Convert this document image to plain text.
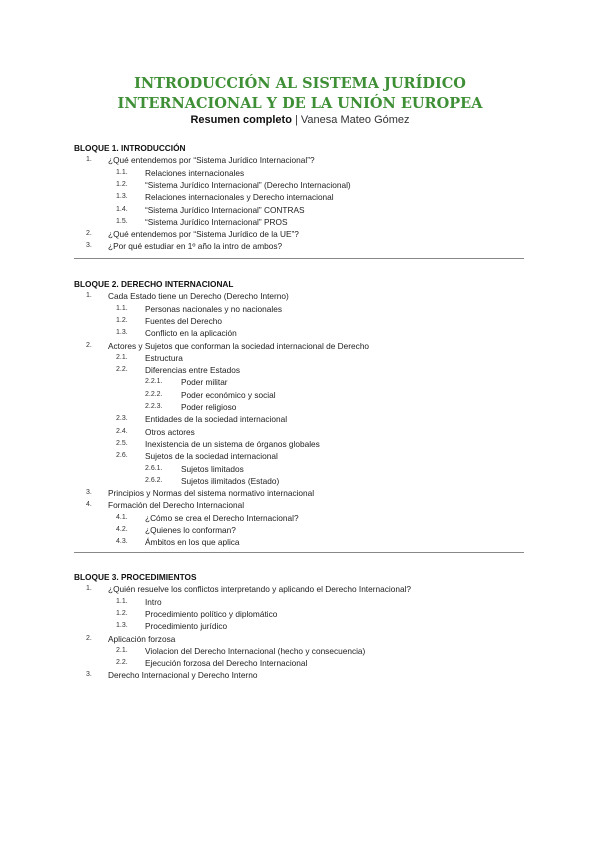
INTRODUCCIÓN AL SISTEMA JURÍDICO
INTERNACIONAL Y DE LA UNIÓN EUROPEA
Resumen completo | Vanesa Mateo Gómez
BLOQUE 1. INTRODUCCIÓN
1. ¿Qué entendemos por “Sistema Jurídico Internacional”?
1.1. Relaciones internacionales
1.2. “Sistema Jurídico Internacional” (Derecho Internacional)
1.3. Relaciones internacionales y Derecho internacional
1.4. “Sistema Jurídico Internacional” CONTRAS
1.5. “Sistema Jurídico Internacional” PROS
2. ¿Qué entendemos por “Sistema Jurídico de la UE”?
3. ¿Por qué estudiar en 1º año la intro de ambos?
BLOQUE 2. DERECHO INTERNACIONAL
1. Cada Estado tiene un Derecho (Derecho Interno)
1.1. Personas nacionales y no nacionales
1.2. Fuentes del Derecho
1.3. Conflicto en la aplicación
2. Actores y Sujetos que conforman la sociedad internacional de Derecho
2.1. Estructura
2.2. Diferencias entre Estados
2.2.1. Poder militar
2.2.2. Poder económico y social
2.2.3. Poder religioso
2.3. Entidades de la sociedad internacional
2.4. Otros actores
2.5. Inexistencia de un sistema de órganos globales
2.6. Sujetos de la sociedad internacional
2.6.1. Sujetos limitados
2.6.2. Sujetos ilimitados (Estado)
3. Principios y Normas del sistema normativo internacional
4. Formación del Derecho Internacional
4.1. ¿Cómo se crea el Derecho Internacional?
4.2. ¿Quienes lo conforman?
4.3. Ámbitos en los que aplica
BLOQUE 3. PROCEDIMIENTOS
1. ¿Quién resuelve los conflictos interpretando y aplicando el Derecho Internacional?
1.1. Intro
1.2. Procedimiento político y diplomático
1.3. Procedimiento jurídico
2. Aplicación forzosa
2.1. Violacion del Derecho Internacional (hecho y consecuencia)
2.2. Ejecución forzosa del Derecho Internacional
3. Derecho Internacional y Derecho Interno
